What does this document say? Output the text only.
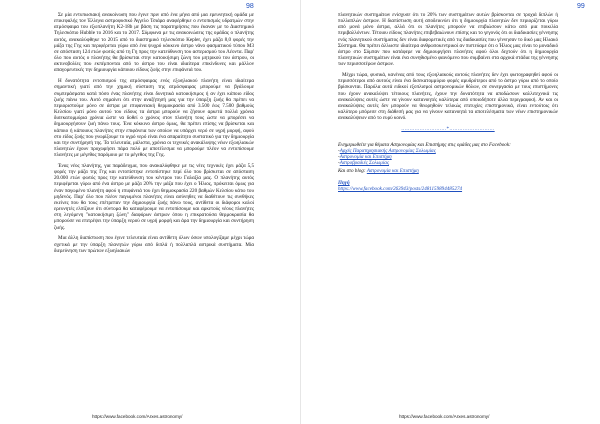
98

Σε μία εντυπωσιακή ανακοίνωση που έγινε πριν από ένα μήνα από μια ερευνητική ομάδα με επικεφαλής τον Έλληνα αστροφυσικό Άγγελο Τσιάρα αναφέρθηκε ο εντοπισμός υδρατμών στην ατμόσφαιρα του εξωπλανήτη K2-18b με βάση τις παρατηρήσεις που έκαναν με το Διαστημικό Τηλεσκόπιο Hubble το 2016 και το 2017. Σύμφωνα με τις ανακοινώσεις της ομάδας ο πλανήτης αυτός, ανακαλύφθηκε το 2015 από το διαστημικό τηλεσκόπιο Kepler, έχει μάζα 8,0 φορές την μάζα της Γης και περιφέρεται γύρω από ένα ψυχρό κόκκινο άστρο νάνο φασματικού τύπου M3 σε απόσταση 124 ετών φωτός από τη Γη προς την κατεύθυνση του αστερισμού του Λέοντα. Παρ' όλο που αυτός ο πλανήτης θα βρίσκεται στην κατοικήσιμη ζώνη του μητρικού του άστρου, οι ακτινοβολίες που εκπέμπονται από το άστρο του είναι ιδιαίτερα επικίνδυνες και μάλλον απαγορευτικές την δημιουργία κάποιου είδους ζωής στην επιφάνειά του.

Η δυνατότητα εντοπισμού της ατμόσφαιρας ενός εξωηλιακού πλανήτη είναι ιδιαίτερα σημαντική γιατί από την χημική σύσταση της ατμόσφαιρας μπορούμε να βγάλουμε συμπεράσματα κατά πόσο ένας πλανήτης είναι δυνητικά κατοικήσιμος ή αν έχει κάποιο είδος ζωής πάνω του. Αυτό σημαίνει ότι στην αναζήτησή μας για την ύπαρξη ζωής θα πρέπει να περιοριστούμε μόνο σε άστρα με επιφανειακή θερμοκρασία από 3.500 έως 7.500 βαθμούς Κελσίου γιατί μόνο αυτού του είδους τα άστρα μπορούν να ζήσουν αρκετά πολλά χρόνια δισεκατομμύρια χρόνια ώστε να δοθεί ο χρόνος στον πλανήτη τους ώστε να μπορέσει να δημιουργήσουν ζωή πάνω τους. Ένα κόκκινο άστρο όμως, θα πρέπει επίσης να βρίσκεται και κάποιο ή κάποιους πλανήτες στην επιφάνεια των οποίων να υπάρχει νερό σε υγρή μορφή, αφού στο είδος ζωής που γνωρίζουμε το υγρό νερό είναι ένα απαραίτητο συστατικό για την δημιουργία και την συντήρησή της. Τα τελευταία, μάλιστα, χρόνια οι τεχνικές ανακάλυψης νέων εξωηλιακών πλανητών έχουν προχωρήσει πάρα πολύ με αποτέλεσμα να μπορούμε πλέον να εντοπίσουμε πλανήτες με μέγεθος παρόμοιο με το μέγεθος της Γης.

Ένας νέος πλανήτης, για παράδειγμα, που ανακαλύφθηκε με τις νέες τεχνικές έχει μάζα 5,5 φορές την μάζα της Γης και εντοπίστηκε εντοπίστηκε περί όλο που βρίσκεται σε απόσταση 20.000 ετών φωτός προς την κατεύθυνση του κέντρου του Γαλαξία μας. Ο πλανήτης αυτός περιφέρεται γύρω από ένα άστρο με μάζα 20% την μάζα που έχει ο Ήλιος, πρόκειται όμως για έναν παγωμένο πλανήτη αφού η επιφάνειά του έχει θερμοκρασία 220 βαθμών Κελσίου κάτω του μηδενός. Παρ' όλο που πλέον παγωμένοι πλανήτες είναι ασύνηθες να διαθέτουν τις συνθήκες εκείνες που θα τους επέτρεπαν την δημιουργία ζωής πάνω τους, αντίθετα οι διάφοροι καλοί ερευνητές ελπίζουν ότι σύντομα θα καταφέρουμε να εντοπίσουμε και αρκετούς νέους πλανήτες στη λεγόμενη "κατοικήσιμη ζώνη" διαφόρων άστρων όπου η επικρατούσα θερμοκρασία θα μπορούσε να επιτρέψει την ύπαρξη νερού σε υγρή μορφή και άρα την δημιουργία και συντήρηση ζωής.

Μια άλλη διαπίστωση που έγινε τελευταία είναι αντίθετη όλων όσων υπολογίζαμε μέχρι τώρα σχετικά με την ύπαρξη πλανητών γύρω από διπλά ή πολλαπλά αστρικά συστήματα. Μία διερεύνηση των πρώτων εξωηλιακών

https://www.facebook.com/Arxes.astronomy/
99

πλανητικών συστημάτων ενίσχυσε ότι το 20% των συστημάτων αυτών βρίσκονται σε τροχιά διπλών ή πολλαπλών άστρων. Η διαπίστωση αυτή αποδεικνύει ότι η δημιουργία πλανητών δεν περιορίζεται γύρω από μονά μόνο άστρα, αλλά ότι οι πλανήτες μπορούν να επιβιώσουν κάτω από μια ποικιλία περιβαλλόντων. Τέτοιου είδους πλανήτες επιβεβαιώνουν επίσης και το γεγονός ότι οι διαδικασίες γέννησης ενός πλανητικού συστήματος δεν είναι διαφορετικές από τις διαδικασίες που γέννησαν το δικό μας Ηλιακό Σύστημα. Θα πρέπει άλλωστε ιδιαίτερα ανθρωποκεντρικοί αν πιστεύαμε ότι ο Ήλιος μας είναι το μοναδικό άστρο στο Σύμπαν που κατάφερε να δημιουργήσει πλανήτες αφού όλοι δεχτούν ότι η δημιουργία πλανητικών συστημάτων είναι ένα συνηθισμένο φαινόμενο που συμβαίνει στα αρχικά στάδια της γέννησης των περισσοτέρων άστρων.

Μέχρι τώρα, φυσικά, κανένας από τους εξωηλιακούς αυτούς πλανήτες δεν έχει φωτογραφηθεί αφού οι περισσότεροι από αυτούς είναι ένα δισεκατομμύριο φορές αμυδρότεροι από το άστρο γύρω από το οποίο βρίσκονται. Παρόλα αυτά ειδικοί εξοπλισμοί αστρονομικών θόλων, σε συνεργασία με τους επιστήμονες που έχουν ανακαλύψει τέτοιους πλανήτες, έχουν την δυνατότητα να αποδώσουν καλλιτεχνικά τις ανακαλύψεις αυτές ώστε να γίνουν κατανοητές καλύτερα από οποιοδήποτε άλλα περιγραφική. Αν και οι ανακαλύψεις αυτές δεν μπορούν να θεωρηθούν τελικώς επιτυχίες επιστημονικά, είναι εντούτοις ότι καλύτερο μπόρεσε στη διάθεσή μας για να γίνουν κατανοητά τα αποτελέσματα των νέων επιστημονικών ανακαλύψεων από το ευρύ κοινό.

...........................*...........................
Ενημερωθείτε για θέματα Αστρονομίας και Επιστήμης στις ομάδες μας στο Facebook:
- Αρχές Παρατηρησιακής Αστρονομίας Σολωμίας
- Αστρονομία και Επιστήμη
- Αστροβραδιές Σολωμίας
Και στο blog: Αστρονομία και Επιστήμη
Πηγή
https://www.facebook.com/263943/posts/2481159894485274
https://www.facebook.com/Arxes.astronomy/
